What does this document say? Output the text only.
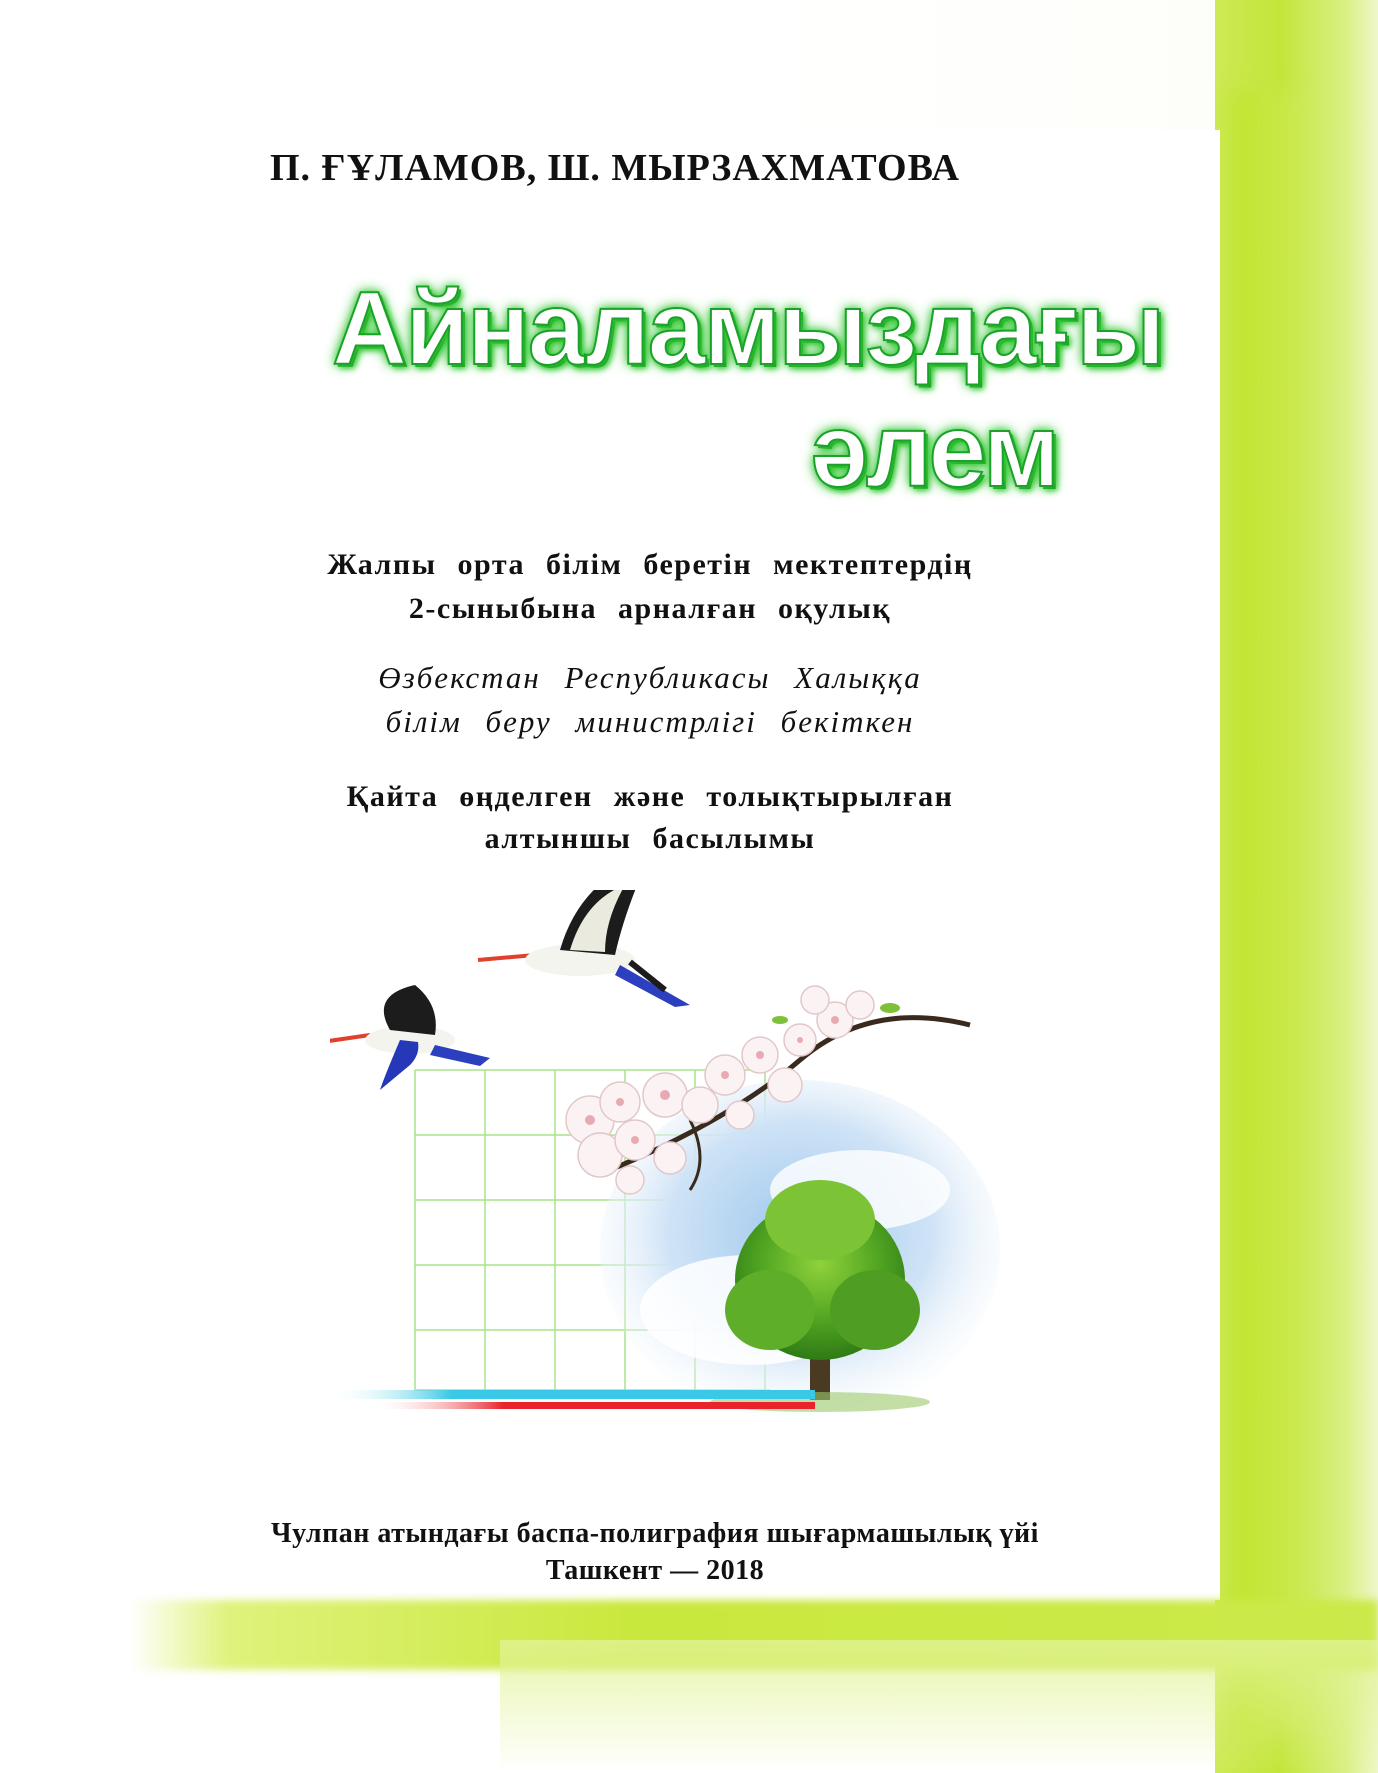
П. ҒҰЛАМОВ, Ш. МЫРЗАХМАТОВА
Айналамыздағы
әлем
Жалпы орта білім беретін мектептердің
2-сыныбына арналған оқулық
Өзбекстан Республикасы Халыққа
білім беру министрлігі бекіткен
Қайта өңделген және толықтырылған
алтыншы басылымы
Чулпан атындағы баспа-полиграфия шығармашылық үйі
Ташкент — 2018
